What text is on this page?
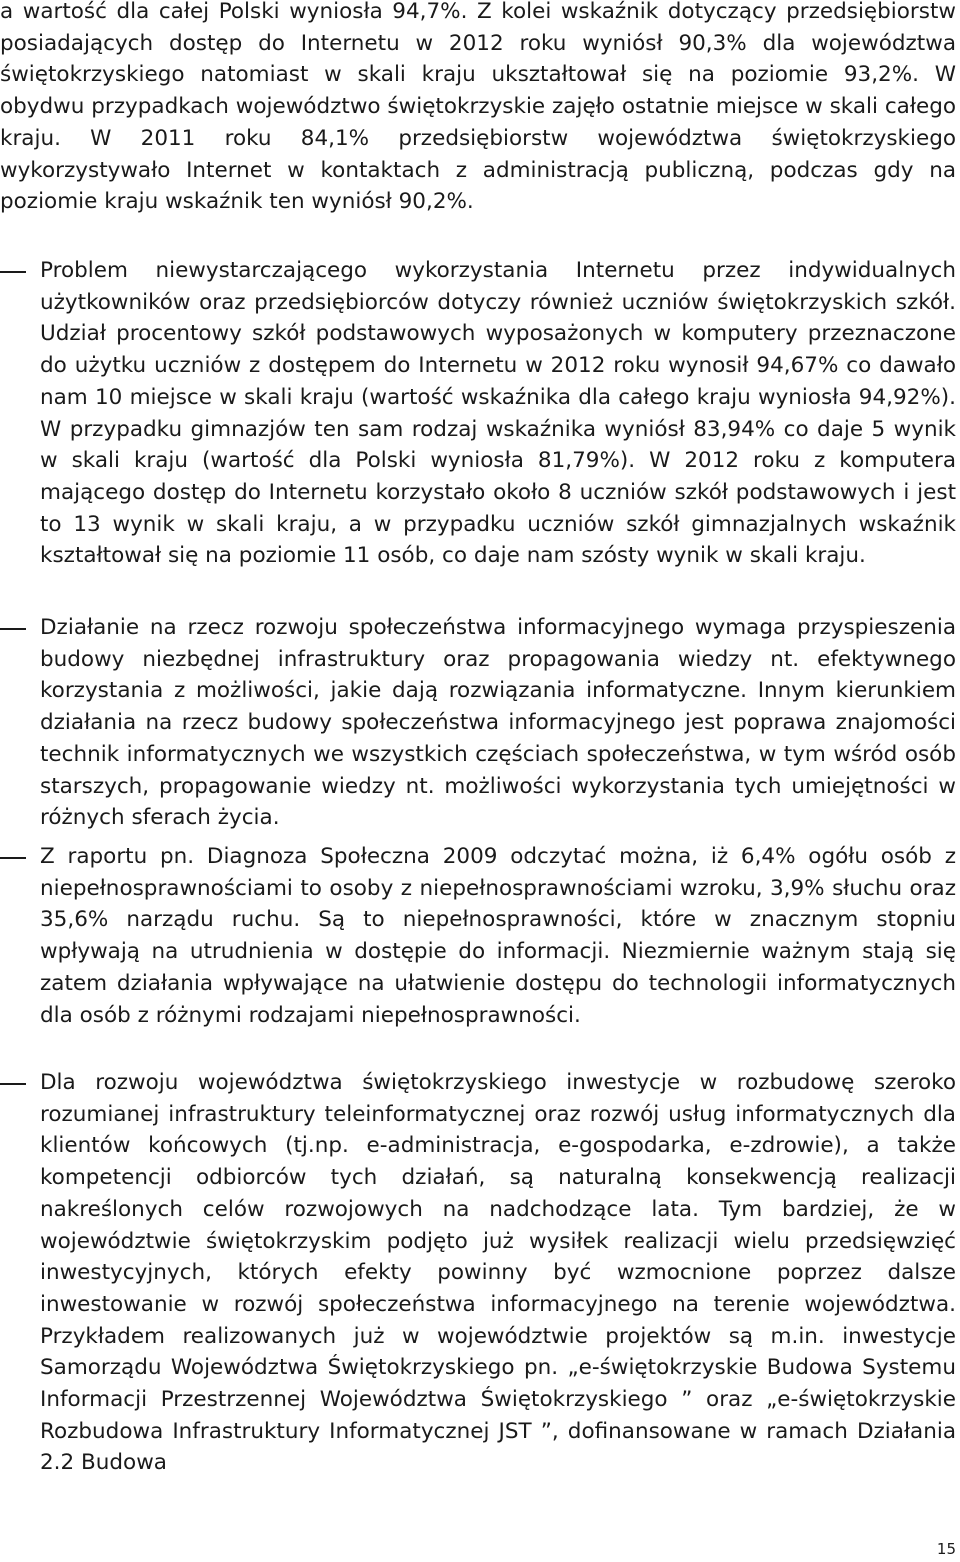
a wartość dla całej Polski wyniosła 94,7%. Z kolei wskaźnik dotyczący przedsiębiorstw posiadających dostęp do Internetu w 2012 roku wyniósł 90,3% dla województwa świętokrzyskiego natomiast w skali kraju ukształtował się na poziomie 93,2%. W obydwu przypadkach województwo świętokrzyskie zajęło ostatnie miejsce w skali całego kraju. W 2011 roku 84,1% przedsiębiorstw województwa świętokrzyskiego wykorzystywało Internet w kontaktach z administracją publiczną, podczas gdy na poziomie kraju wskaźnik ten wyniósł 90,2%.

Problem niewystarczającego wykorzystania Internetu przez indywidualnych użytkowników oraz przedsiębiorców dotyczy również uczniów świętokrzyskich szkół. Udział procentowy szkół podstawowych wyposażonych w komputery przeznaczone do użytku uczniów z dostępem do Internetu w 2012 roku wynosił 94,67% co dawało nam 10 miejsce w skali kraju (wartość wskaźnika dla całego kraju wyniosła 94,92%). W przypadku gimnazjów ten sam rodzaj wskaźnika wyniósł 83,94% co daje 5 wynik w skali kraju (wartość dla Polski wyniosła 81,79%). W 2012 roku z komputera mającego dostęp do Internetu korzystało około 8 uczniów szkół podstawowych i jest to 13 wynik w skali kraju, a w przypadku uczniów szkół gimnazjalnych wskaźnik kształtował się na poziomie 11 osób, co daje nam szósty wynik w skali kraju.

Działanie na rzecz rozwoju społeczeństwa informacyjnego wymaga przyspieszenia budowy niezbędnej infrastruktury oraz propagowania wiedzy nt. efektywnego korzystania z możliwości, jakie dają rozwiązania informatyczne. Innym kierunkiem działania na rzecz budowy społeczeństwa informacyjnego jest poprawa znajomości technik informatycznych we wszystkich częściach społeczeństwa, w tym wśród osób starszych, propagowanie wiedzy nt. możliwości wykorzystania tych umiejętności w różnych sferach życia.

Z raportu pn. Diagnoza Społeczna 2009 odczytać można, iż 6,4% ogółu osób z niepełnosprawnościami to osoby z niepełnosprawnościami wzroku, 3,9% słuchu oraz 35,6% narządu ruchu. Są to niepełnosprawności, które w znacznym stopniu wpływają na utrudnienia w dostępie do informacji. Niezmiernie ważnym stają się zatem działania wpływające na ułatwienie dostępu do technologii informatycznych dla osób z różnymi rodzajami niepełnosprawności.

Dla rozwoju województwa świętokrzyskiego inwestycje w rozbudowę szeroko rozumianej infrastruktury teleinformatycznej oraz rozwój usług informatycznych dla klientów końcowych (tj.np. e-administracja, e-gospodarka, e-zdrowie), a także kompetencji odbiorców tych działań, są naturalną konsekwencją realizacji nakreślonych celów rozwojowych na nadchodzące lata. Tym bardziej, że w województwie świętokrzyskim podjęto już wysiłek realizacji wielu przedsięwzięć inwestycyjnych, których efekty powinny być wzmocnione poprzez dalsze inwestowanie w rozwój społeczeństwa informacyjnego na terenie województwa. Przykładem realizowanych już w województwie projektów są m.in. inwestycje Samorządu Województwa Świętokrzyskiego pn. „e-świętokrzyskie Budowa Systemu Informacji Przestrzennej Województwa Świętokrzyskiego ” oraz „e-świętokrzyskie Rozbudowa Infrastruktury Informatycznej JST ”, dofinansowane w ramach Działania 2.2 Budowa

15
